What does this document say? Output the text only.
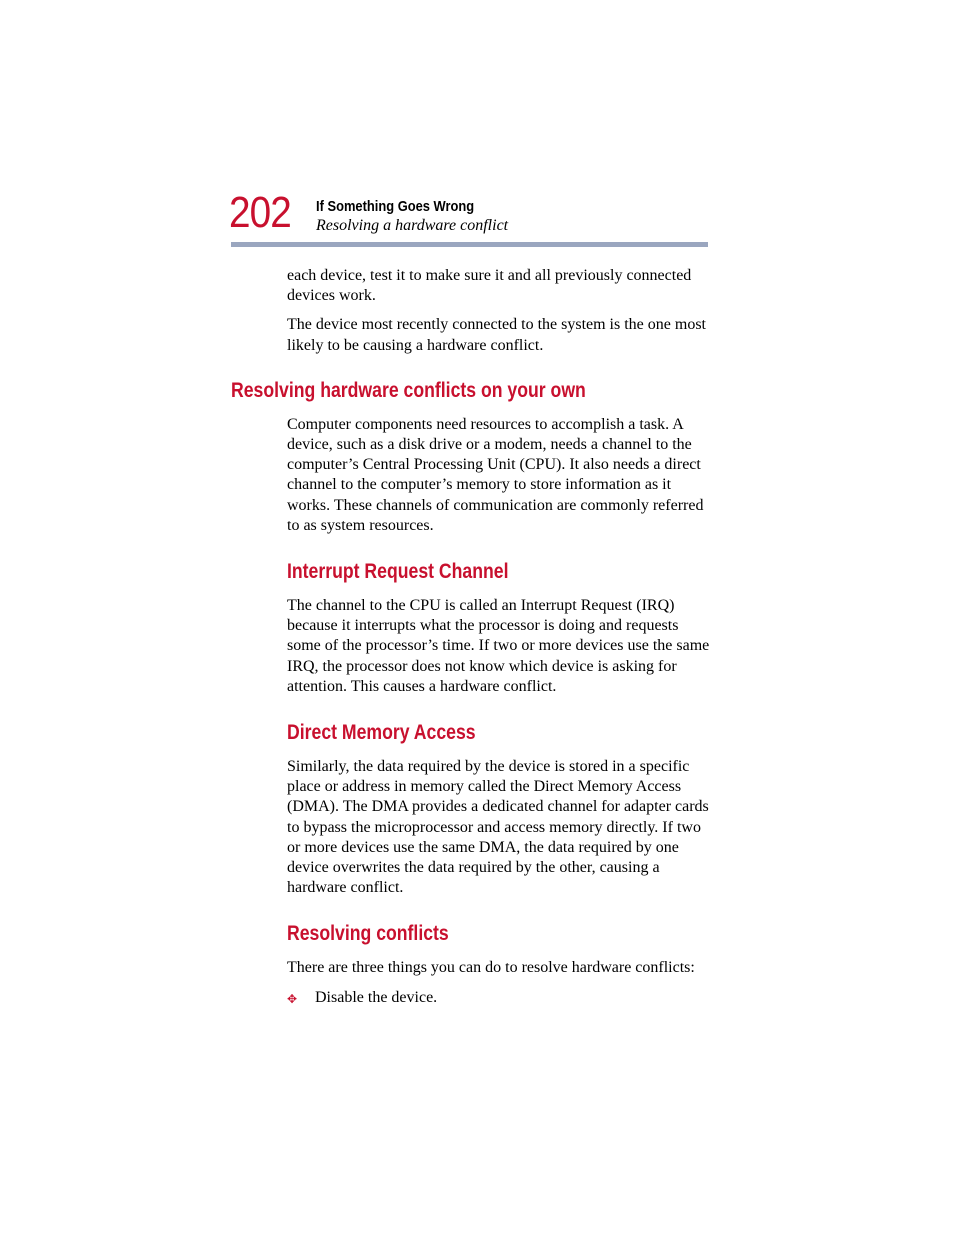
202 If Something Goes Wrong
Resolving a hardware conflict

each device, test it to make sure it and all previously connected devices work.

The device most recently connected to the system is the one most likely to be causing a hardware conflict.

Resolving hardware conflicts on your own

Computer components need resources to accomplish a task. A device, such as a disk drive or a modem, needs a channel to the computer’s Central Processing Unit (CPU). It also needs a direct channel to the computer’s memory to store information as it works. These channels of communication are commonly referred to as system resources.

Interrupt Request Channel

The channel to the CPU is called an Interrupt Request (IRQ) because it interrupts what the processor is doing and requests some of the processor’s time. If two or more devices use the same IRQ, the processor does not know which device is asking for attention. This causes a hardware conflict.

Direct Memory Access

Similarly, the data required by the device is stored in a specific place or address in memory called the Direct Memory Access (DMA). The DMA provides a dedicated channel for adapter cards to bypass the microprocessor and access memory directly. If two or more devices use the same DMA, the data required by one device overwrites the data required by the other, causing a hardware conflict.

Resolving conflicts

There are three things you can do to resolve hardware conflicts:

✥ Disable the device.
